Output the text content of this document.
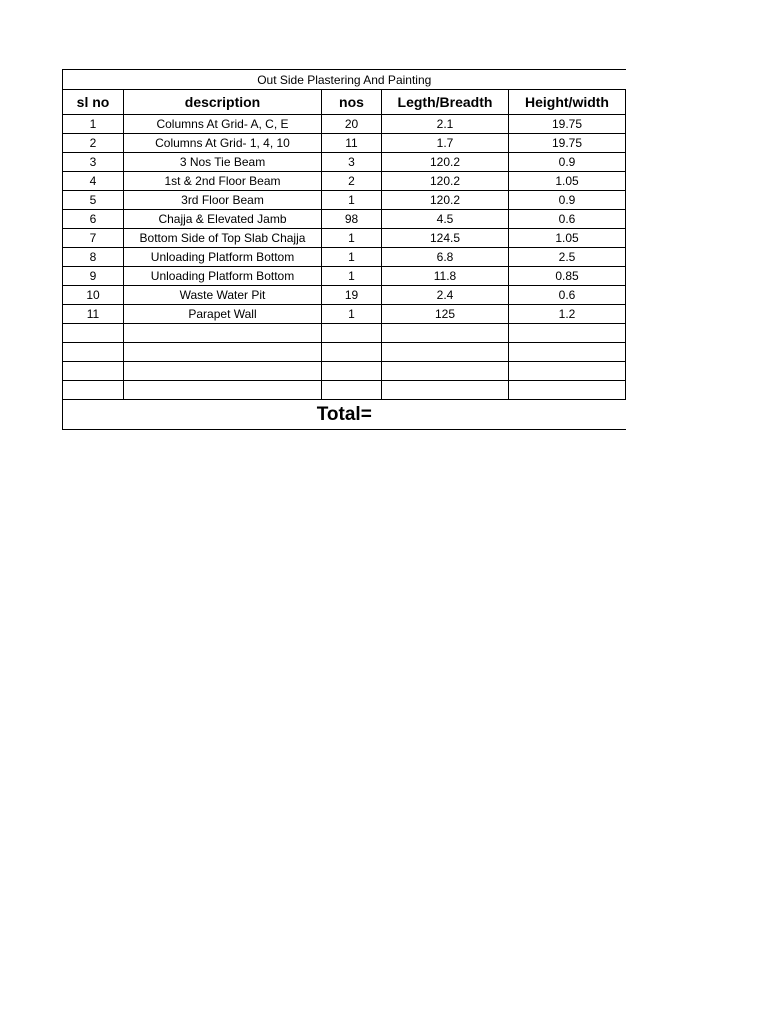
Out Side Plastering And Painting				
sl no	description	nos	Legth/Breadth	Height/width
1	Columns At Grid- A, C, E	20	2.1	19.75
2	Columns At Grid- 1, 4, 10	11	1.7	19.75
3	3 Nos Tie Beam	3	120.2	0.9
4	1st & 2nd Floor Beam	2	120.2	1.05
5	3rd Floor Beam	1	120.2	0.9
6	Chajja & Elevated Jamb	98	4.5	0.6
7	Bottom Side of Top Slab Chajja	1	124.5	1.05
8	Unloading Platform Bottom	1	6.8	2.5
9	Unloading Platform Bottom	1	11.8	0.85
10	Waste Water Pit	19	2.4	0.6
11	Parapet Wall	1	125	1.2

Total=				
